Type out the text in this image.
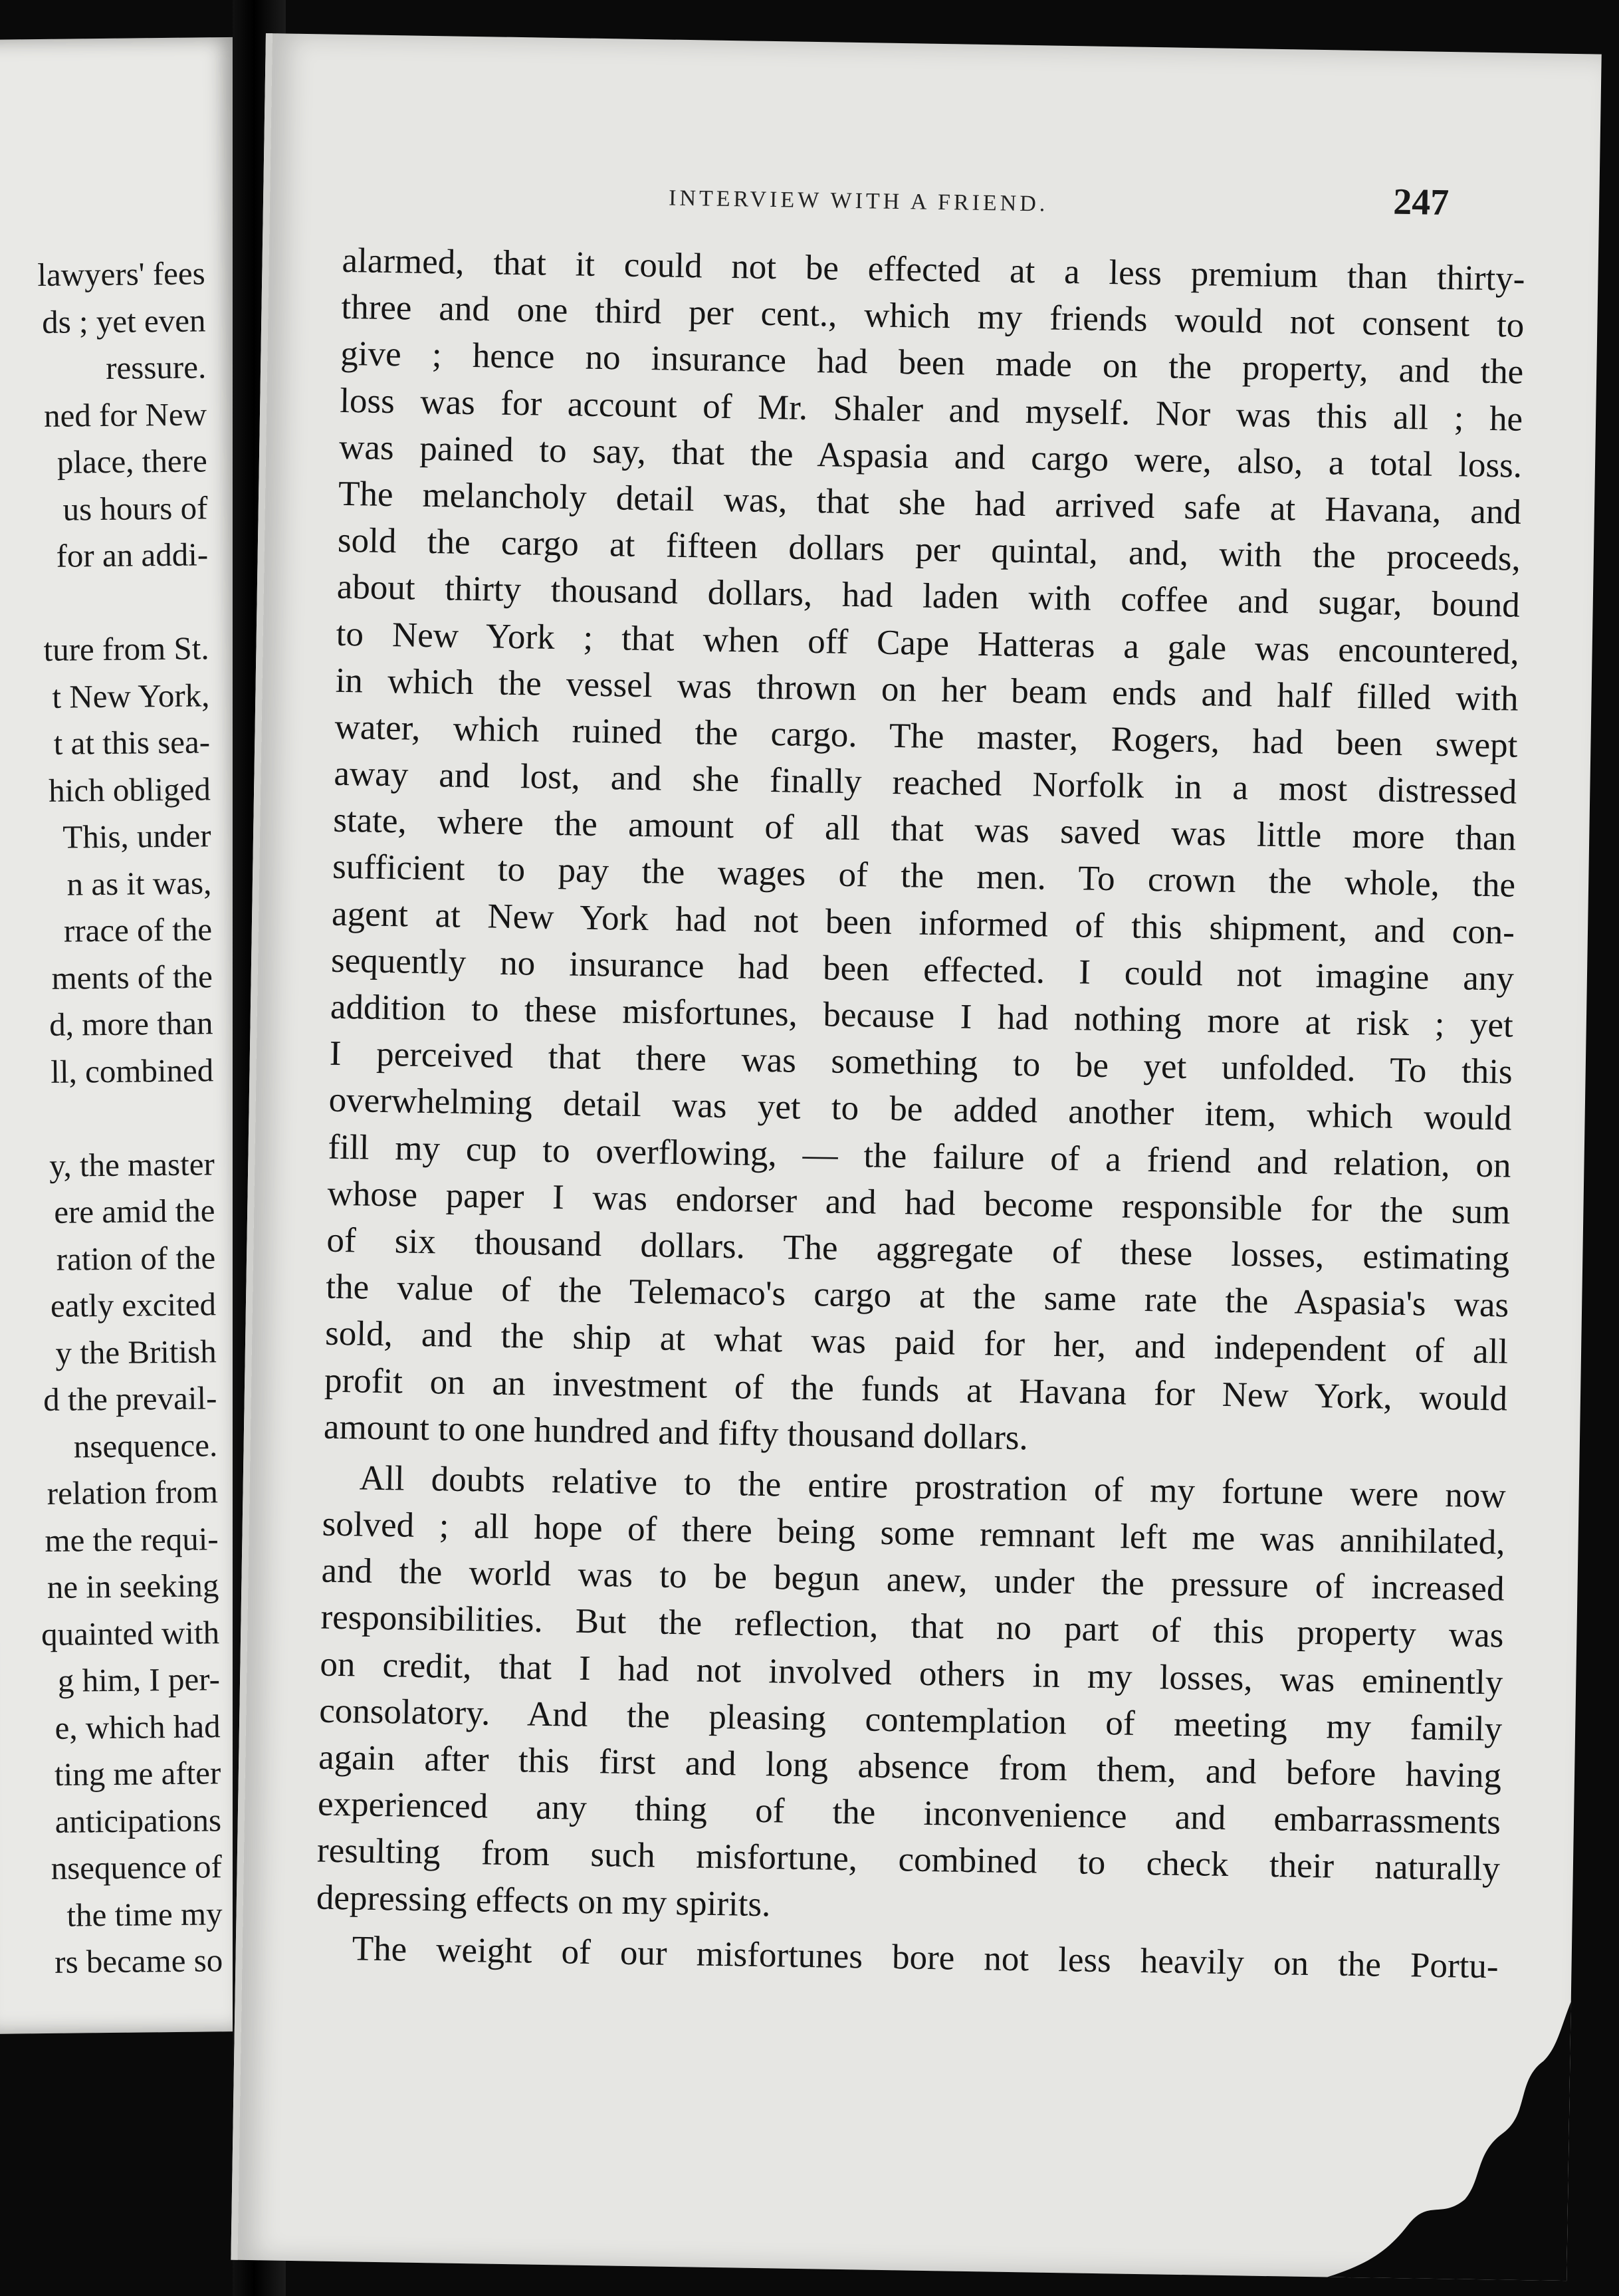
lawyers' fees
ds ; yet even
ressure.
ned for New
place, there
us hours of
for an addi-
ture from St.
t New York,
t at this sea-
hich obliged
This, under
n as it was,
rrace of the
ments of the
d, more than
ll, combined
y, the master
ere amid the
ration of the
eatly excited
y the British
d the prevail-
nsequence.
relation from
me the requi-
ne in seeking
quainted with
g him, I per-
e, which had
ting me after
anticipations
nsequence of
the time my
rs became so
INTERVIEW WITH A FRIEND.	247
alarmed, that it could not be effected at a less premium than thirty-
three and one third per cent., which my friends would not consent to
give ; hence no insurance had been made on the property, and the
loss was for account of Mr. Shaler and myself. Nor was this all ; he
was pained to say, that the Aspasia and cargo were, also, a total loss.
The melancholy detail was, that she had arrived safe at Havana, and
sold the cargo at fifteen dollars per quintal, and, with the proceeds,
about thirty thousand dollars, had laden with coffee and sugar, bound
to New York ; that when off Cape Hatteras a gale was encountered,
in which the vessel was thrown on her beam ends and half filled with
water, which ruined the cargo. The master, Rogers, had been swept
away and lost, and she finally reached Norfolk in a most distressed
state, where the amount of all that was saved was little more than
sufficient to pay the wages of the men. To crown the whole, the
agent at New York had not been informed of this shipment, and con-
sequently no insurance had been effected. I could not imagine any
addition to these misfortunes, because I had nothing more at risk ; yet
I perceived that there was something to be yet unfolded. To this
overwhelming detail was yet to be added another item, which would
fill my cup to overflowing, — the failure of a friend and relation, on
whose paper I was endorser and had become responsible for the sum
of six thousand dollars. The aggregate of these losses, estimating
the value of the Telemaco's cargo at the same rate the Aspasia's was
sold, and the ship at what was paid for her, and independent of all
profit on an investment of the funds at Havana for New York, would
amount to one hundred and fifty thousand dollars.
All doubts relative to the entire prostration of my fortune were now
solved ; all hope of there being some remnant left me was annihilated,
and the world was to be begun anew, under the pressure of increased
responsibilities. But the reflection, that no part of this property was
on credit, that I had not involved others in my losses, was eminently
consolatory. And the pleasing contemplation of meeting my family
again after this first and long absence from them, and before having
experienced any thing of the inconvenience and embarrassments
resulting from such misfortune, combined to check their naturally
depressing effects on my spirits.
The weight of our misfortunes bore not less heavily on the Portu-
